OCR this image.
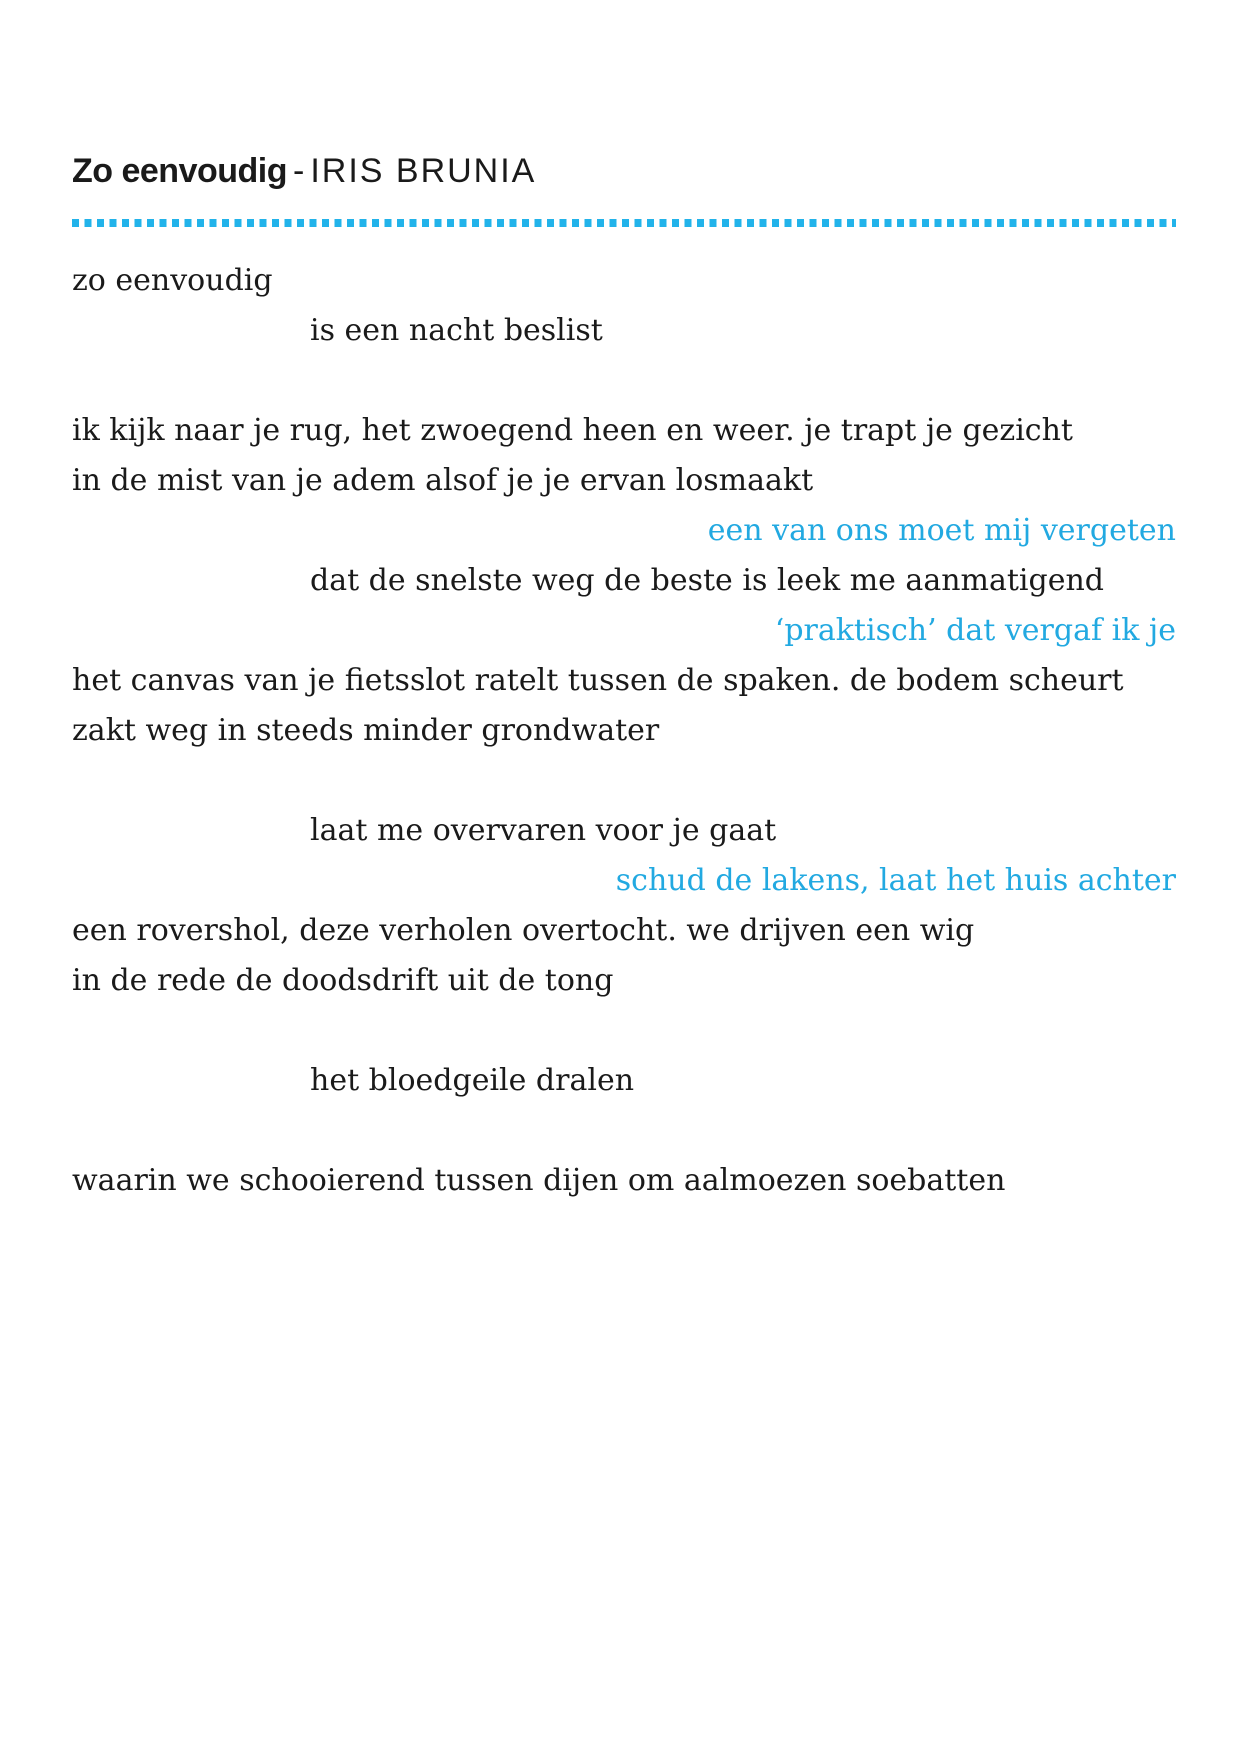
Zo eenvoudig - IRIS BRUNIA
zo eenvoudig
is een nacht beslist
ik kijk naar je rug, het zwoegend heen en weer. je trapt je gezicht
in de mist van je adem alsof je je ervan losmaakt
een van ons moet mij vergeten
dat de snelste weg de beste is leek me aanmatigend
‘praktisch’ dat vergaf ik je
het canvas van je fietsslot ratelt tussen de spaken. de bodem scheurt
zakt weg in steeds minder grondwater
laat me overvaren voor je gaat
schud de lakens, laat het huis achter
een rovershol, deze verholen overtocht. we drijven een wig
in de rede de doodsdrift uit de tong
het bloedgeile dralen
waarin we schooierend tussen dijen om aalmoezen soebatten
